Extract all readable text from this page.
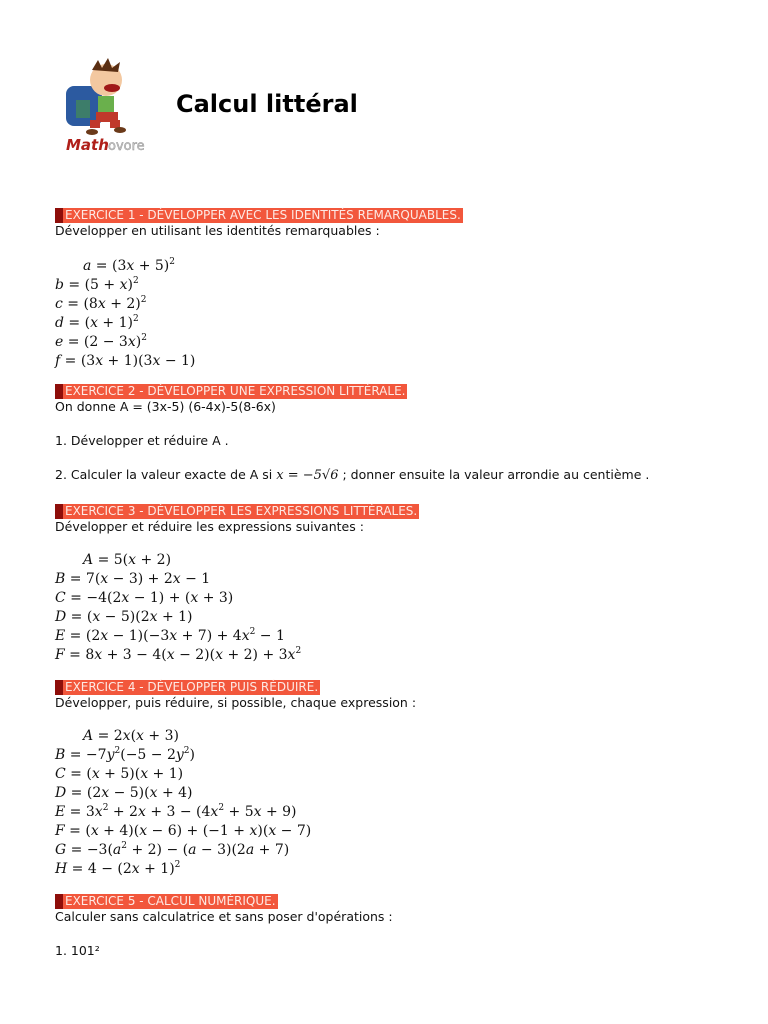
Math ovore
Calcul littéral
EXERCICE 1 - DÉVELOPPER AVEC LES IDENTITÉS REMARQUABLES.
Développer en utilisant les identités remarquables :
$a = (3x + 5)^2$
$b = (5 + x)^2$
$c = (8x + 2)^2$
$d = (x + 1)^2$
$e = (2 - 3x)^2$
f = (3x + 1)(3x − 1)
EXERCICE 2 - DÉVELOPPER UNE EXPRESSION LITTÉRALE.
On donne A = (3x-5) (6-4x)-5(8-6x)
1. Développer et réduire A .
2. Calculer la valeur exacte de A si x = −5√6 ; donner ensuite la valeur arrondie au centième .
EXERCICE 3 - DÉVELOPPER LES EXPRESSIONS LITTÉRALES.
Développer et réduire les expressions suivantes :
A = 5(x + 2)
B = 7(x − 3) + 2x − 1
C = −4(2x − 1) + (x + 3)
D = (x − 5)(2x + 1)
$E = (2x - 1)(-3x + 7) + 4x^2 - 1$
$F = 8x + 3 - 4(x - 2)(x + 2) + 3x^2$
EXERCICE 4 - DÉVELOPPER PUIS RÉDUIRE.
Développer, puis réduire, si possible, chaque expression :
A = 2x(x + 3)
$B = -7y^2(-5 - 2y^2)$
C = (x + 5)(x + 1)
D = (2x − 5)(x + 4)
$E = 3x^2 + 2x + 3 - (4x^2 + 5x + 9)$
F = (x + 4)(x − 6) + (−1 + x)(x − 7)
$G = -3(a^2 + 2) - (a - 3)(2a + 7)$
$H = 4 - (2x + 1)^2$
EXERCICE 5 - CALCUL NUMÉRIQUE.
Calculer sans calculatrice et sans poser d'opérations :
1. 101²
